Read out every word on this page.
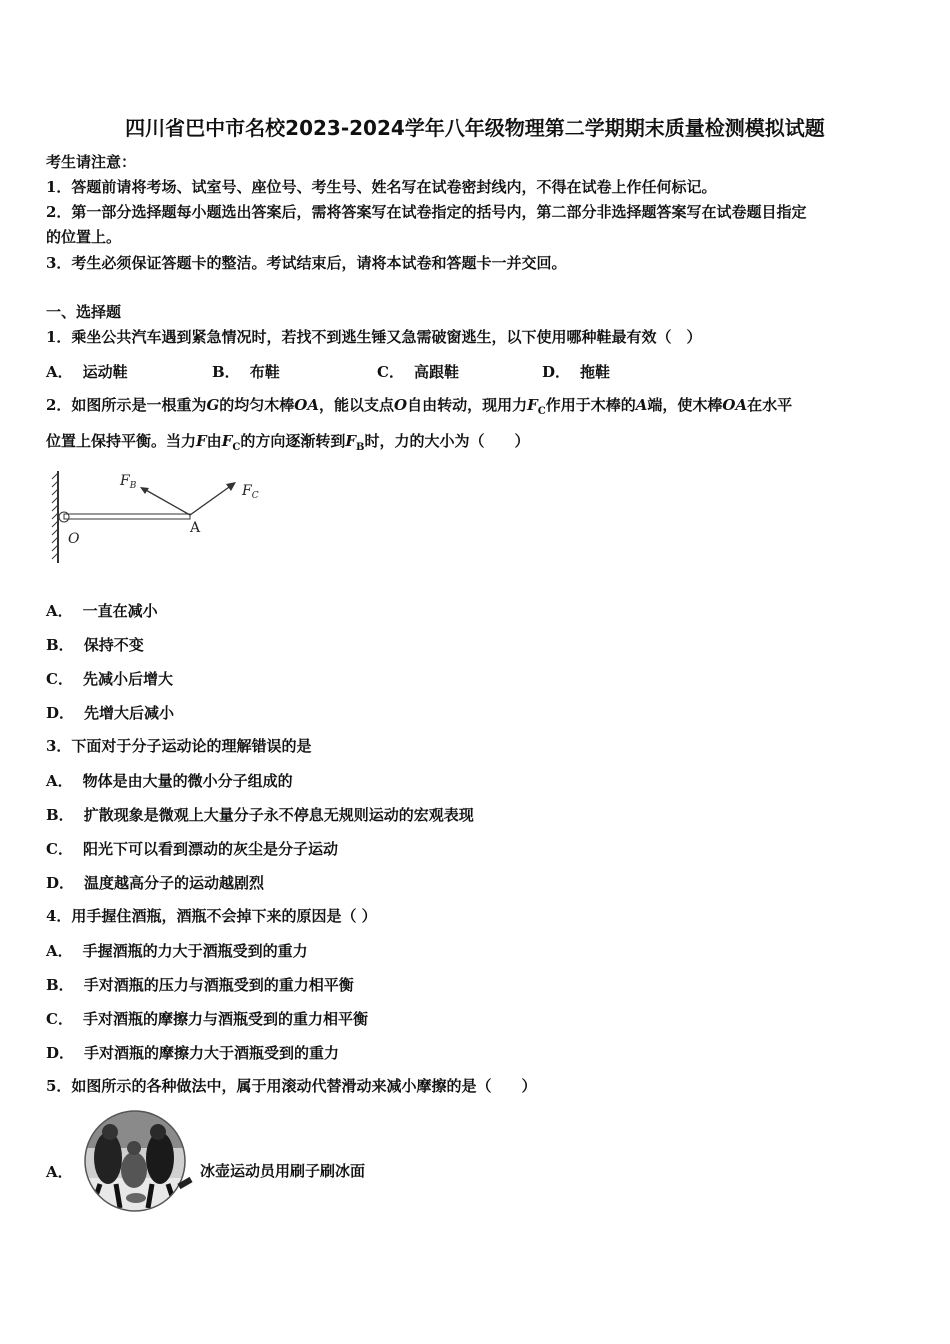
四川省巴中市名校2023-2024学年八年级物理第二学期期末质量检测模拟试题
考生请注意：
1．答题前请将考场、试室号、座位号、考生号、姓名写在试卷密封线内，不得在试卷上作任何标记。
2．第一部分选择题每小题选出答案后，需将答案写在试卷指定的括号内，第二部分非选择题答案写在试卷题目指定
的位置上。
3．考生必须保证答题卡的整洁。考试结束后，请将本试卷和答题卡一并交回。
一、选择题
1．乘坐公共汽车遇到紧急情况时，若找不到逃生锤又急需破窗逃生，以下使用哪种鞋最有效（　）
A． 运动鞋	B． 布鞋	C． 高跟鞋	D． 拖鞋
2．如图所示是一根重为G的均匀木棒OA，能以支点O自由转动，现用力$F_C$作用于木棒的A端，使木棒OA在水平
位置上保持平衡。当力F由$F_C$的方向逐渐转到$F_B$时，力的大小为（　　）
$F_B$	$F_C$
A
O
A． 一直在减小
B． 保持不变
C． 先减小后增大
D． 先增大后减小
3．下面对于分子运动论的理解错误的是
A． 物体是由大量的微小分子组成的
B． 扩散现象是微观上大量分子永不停息无规则运动的宏观表现
C． 阳光下可以看到漂动的灰尘是分子运动
D． 温度越高分子的运动越剧烈
4．用手握住酒瓶，酒瓶不会掉下来的原因是（ ）
A． 手握酒瓶的力大于酒瓶受到的重力
B． 手对酒瓶的压力与酒瓶受到的重力相平衡
C． 手对酒瓶的摩擦力与酒瓶受到的重力相平衡
D． 手对酒瓶的摩擦力大于酒瓶受到的重力
5．如图所示的各种做法中，属于用滚动代替滑动来减小摩擦的是（　　）
A．	冰壶运动员用刷子刷冰面
